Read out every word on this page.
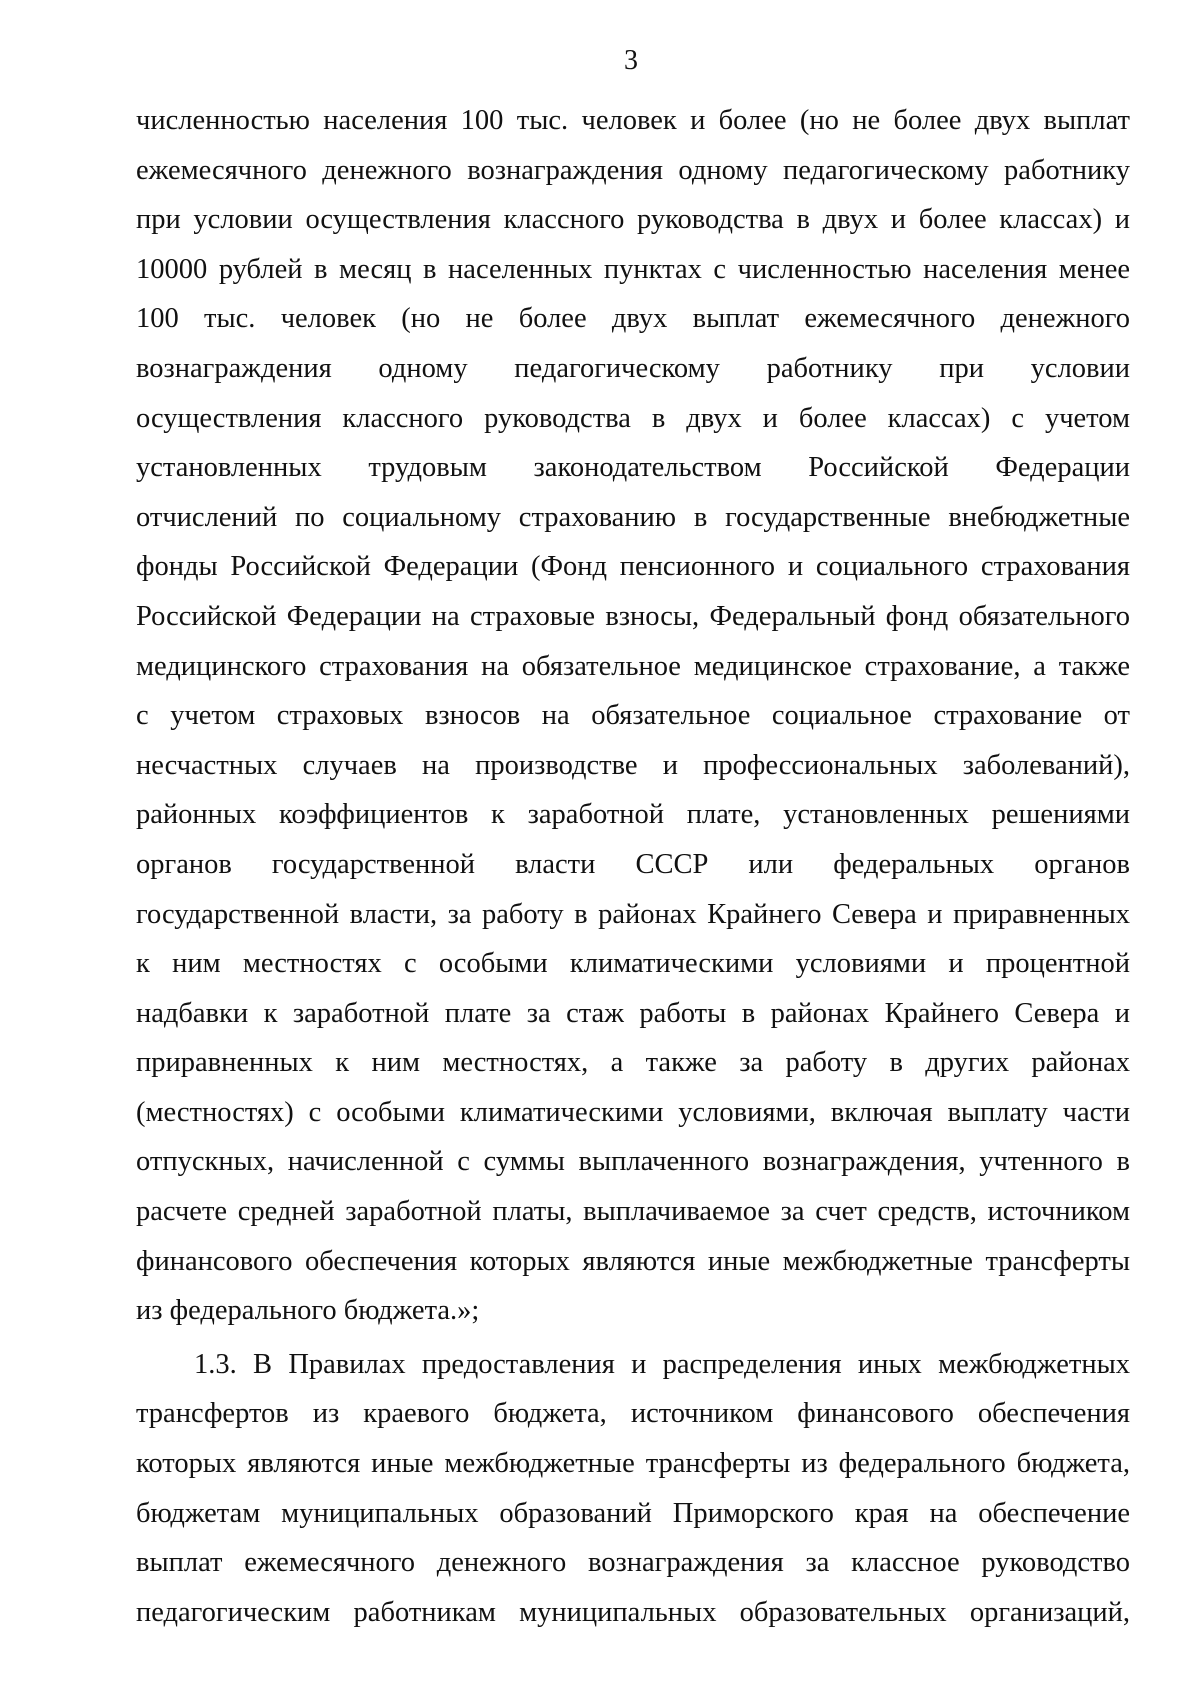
3
численностью населения 100 тыс. человек и более (но не более двух выплат
ежемесячного денежного вознаграждения одному педагогическому работнику
при условии осуществления классного руководства в двух и более классах) и
10000 рублей в месяц в населенных пунктах с численностью населения менее
100 тыс. человек (но не более двух выплат ежемесячного денежного
вознаграждения одному педагогическому работнику при условии
осуществления классного руководства в двух и более классах) с учетом
установленных трудовым законодательством Российской Федерации
отчислений по социальному страхованию в государственные внебюджетные
фонды Российской Федерации (Фонд пенсионного и социального страхования
Российской Федерации на страховые взносы, Федеральный фонд обязательного
медицинского страхования на обязательное медицинское страхование, а также
с учетом страховых взносов на обязательное социальное страхование от
несчастных случаев на производстве и профессиональных заболеваний),
районных коэффициентов к заработной плате, установленных решениями
органов государственной власти СССР или федеральных органов
государственной власти, за работу в районах Крайнего Севера и приравненных
к ним местностях с особыми климатическими условиями и процентной
надбавки к заработной плате за стаж работы в районах Крайнего Севера и
приравненных к ним местностях, а также за работу в других районах
(местностях) с особыми климатическими условиями, включая выплату части
отпускных, начисленной с суммы выплаченного вознаграждения, учтенного в
расчете средней заработной платы, выплачиваемое за счет средств, источником
финансового обеспечения которых являются иные межбюджетные трансферты
из федерального бюджета.»;
1.3. В Правилах предоставления и распределения иных межбюджетных
трансфертов из краевого бюджета, источником финансового обеспечения
которых являются иные межбюджетные трансферты из федерального бюджета,
бюджетам муниципальных образований Приморского края на обеспечение
выплат ежемесячного денежного вознаграждения за классное руководство
педагогическим работникам муниципальных образовательных организаций,
